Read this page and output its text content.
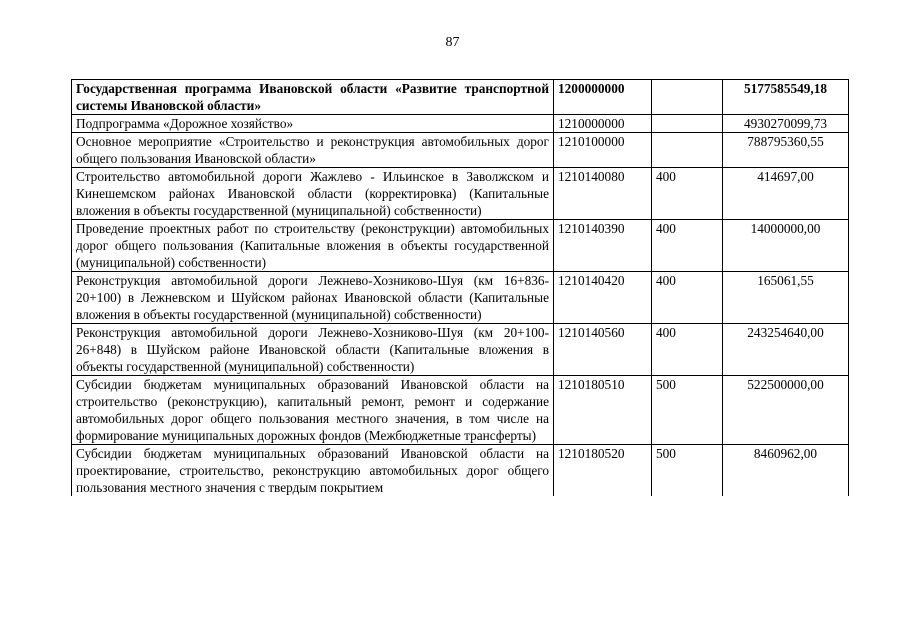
87
Государственная программа Ивановской области «Развитие транспортной системы Ивановской области»	1200000000		5177585549,18
Подпрограмма «Дорожное хозяйство»	1210000000		4930270099,73
Основное мероприятие «Строительство и реконструкция автомобильных дорог общего пользования Ивановской области»	1210100000		788795360,55
Строительство автомобильной дороги Жажлево - Ильинское в Заволжском и Кинешемском районах Ивановской области (корректировка) (Капитальные вложения в объекты государственной (муниципальной) собственности)	1210140080	400	414697,00
Проведение проектных работ по строительству (реконструкции) автомобильных дорог общего пользования (Капитальные вложения в объекты государственной (муниципальной) собственности)	1210140390	400	14000000,00
Реконструкция автомобильной дороги Лежнево-Хозниково-Шуя (км 16+836-20+100) в Лежневском и Шуйском районах Ивановской области (Капитальные вложения в объекты государственной (муниципальной) собственности)	1210140420	400	165061,55
Реконструкция автомобильной дороги Лежнево-Хозниково-Шуя (км 20+100-26+848) в Шуйском районе Ивановской области (Капитальные вложения в объекты государственной (муниципальной) собственности)	1210140560	400	243254640,00
Субсидии бюджетам муниципальных образований Ивановской области на строительство (реконструкцию), капитальный ремонт, ремонт и содержание автомобильных дорог общего пользования местного значения, в том числе на формирование муниципальных дорожных фондов (Межбюджетные трансферты)	1210180510	500	522500000,00
Субсидии бюджетам муниципальных образований Ивановской области на проектирование, строительство, реконструкцию автомобильных дорог общего пользования местного значения с твердым покрытием	1210180520	500	8460962,00
